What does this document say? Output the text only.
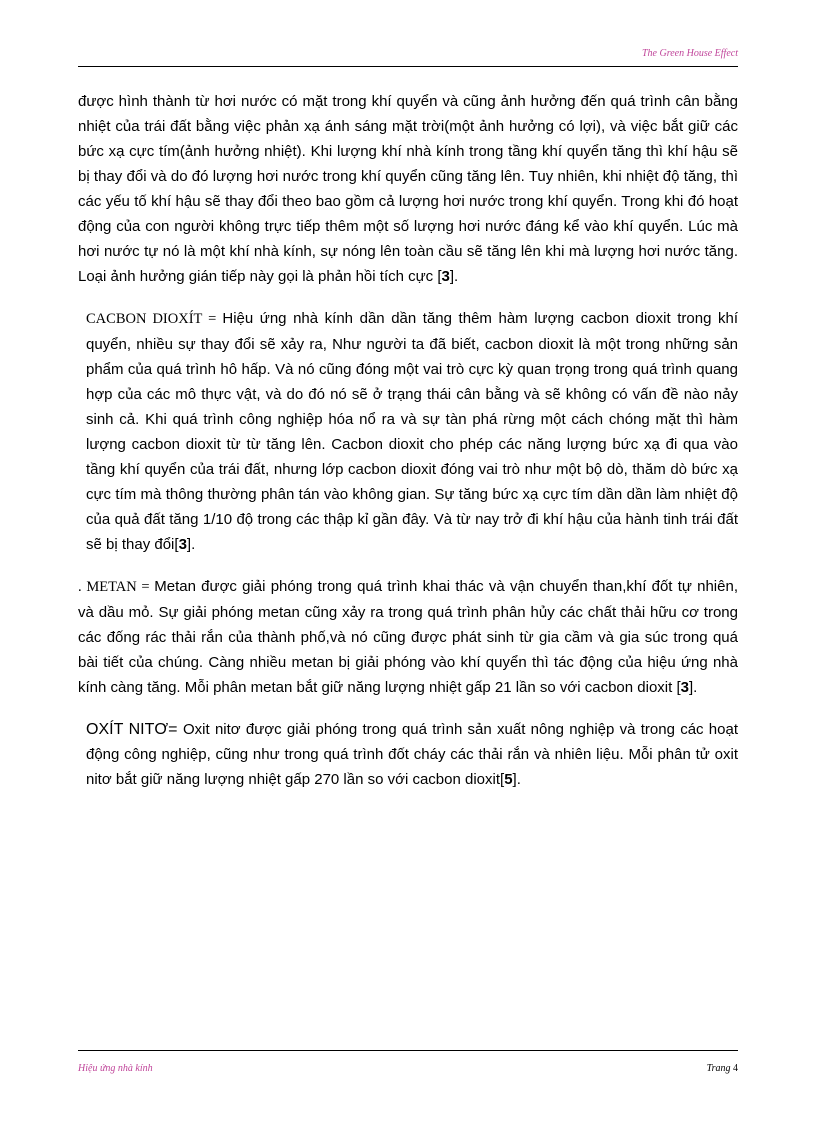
The Green House Effect

được hình thành từ hơi nước có mặt trong khí quyển và cũng ảnh hưởng đến quá trình cân bằng nhiệt của trái đất bằng việc phản xạ ánh sáng mặt trời(một ảnh hưởng có lợi), và việc bắt giữ các bức xạ cực tím(ảnh hưởng nhiệt). Khi lượng khí nhà kính trong tầng khí quyển tăng thì khí hậu sẽ bị thay đổi và do đó lượng hơi nước trong khí quyển cũng tăng lên. Tuy nhiên, khi nhiệt độ tăng, thì các yếu tố khí hậu sẽ thay đổi theo bao gồm cả lượng hơi nước trong khí quyển. Trong khi đó hoạt động của con người không trực tiếp thêm một số lượng hơi nước đáng kể vào khí quyển. Lúc mà hơi nước tự nó là một khí nhà kính, sự nóng lên toàn cầu sẽ tăng lên khi mà lượng hơi nước tăng. Loại ảnh hưởng gián tiếp này gọi là phản hồi tích cực [3].

CACBON DIOXÍT = Hiệu ứng nhà kính dần dần tăng thêm hàm lượng cacbon dioxit trong khí quyển, nhiều sự thay đổi sẽ xảy ra, Như người ta đã biết, cacbon dioxit là một trong những sản phẩm của quá trình hô hấp. Và nó cũng đóng một vai trò cực kỳ quan trọng trong quá trình quang hợp của các mô thực vật, và do đó nó sẽ ở trạng thái cân bằng và sẽ không có vấn đề nào nảy sinh cả. Khi quá trình công nghiệp hóa nổ ra và sự tàn phá rừng một cách chóng mặt thì hàm lượng cacbon dioxit từ từ tăng lên. Cacbon dioxit cho phép các năng lượng bức xạ đi qua vào tầng khí quyển của trái đất, nhưng lớp cacbon dioxit đóng vai trò như một bộ dò, thăm dò bức xạ cực tím mà thông thường phân tán vào không gian. Sự tăng bức xạ cực tím dần dần làm nhiệt độ của quả đất tăng 1/10 độ trong các thập kỉ gần đây. Và từ nay trở đi khí hậu của hành tinh trái đất sẽ bị thay đổi[3].

. METAN = Metan được giải phóng trong quá trình khai thác và vận chuyển than,khí đốt tự nhiên, và dầu mỏ. Sự giải phóng metan cũng xảy ra trong quá trình phân hủy các chất thải hữu cơ trong các đống rác thải rắn của thành phố,và nó cũng được phát sinh từ gia cầm và gia súc trong quá bài tiết của chúng. Càng nhiều metan bị giải phóng vào khí quyển thì tác động của hiệu ứng nhà kính càng tăng. Mỗi phân metan bắt giữ năng lượng nhiệt gấp 21 lần so với cacbon dioxit [3].

OXÍT NITƠ= Oxit nitơ được giải phóng trong quá trình sản xuất nông nghiệp và trong các hoạt động công nghiệp, cũng như trong quá trình đốt cháy các thải rắn và nhiên liệu. Mỗi phân tử oxit nitơ bắt giữ năng lượng nhiệt gấp 270 lần so với cacbon dioxit[5].

Hiệu ứng nhà kính	Trang 4
